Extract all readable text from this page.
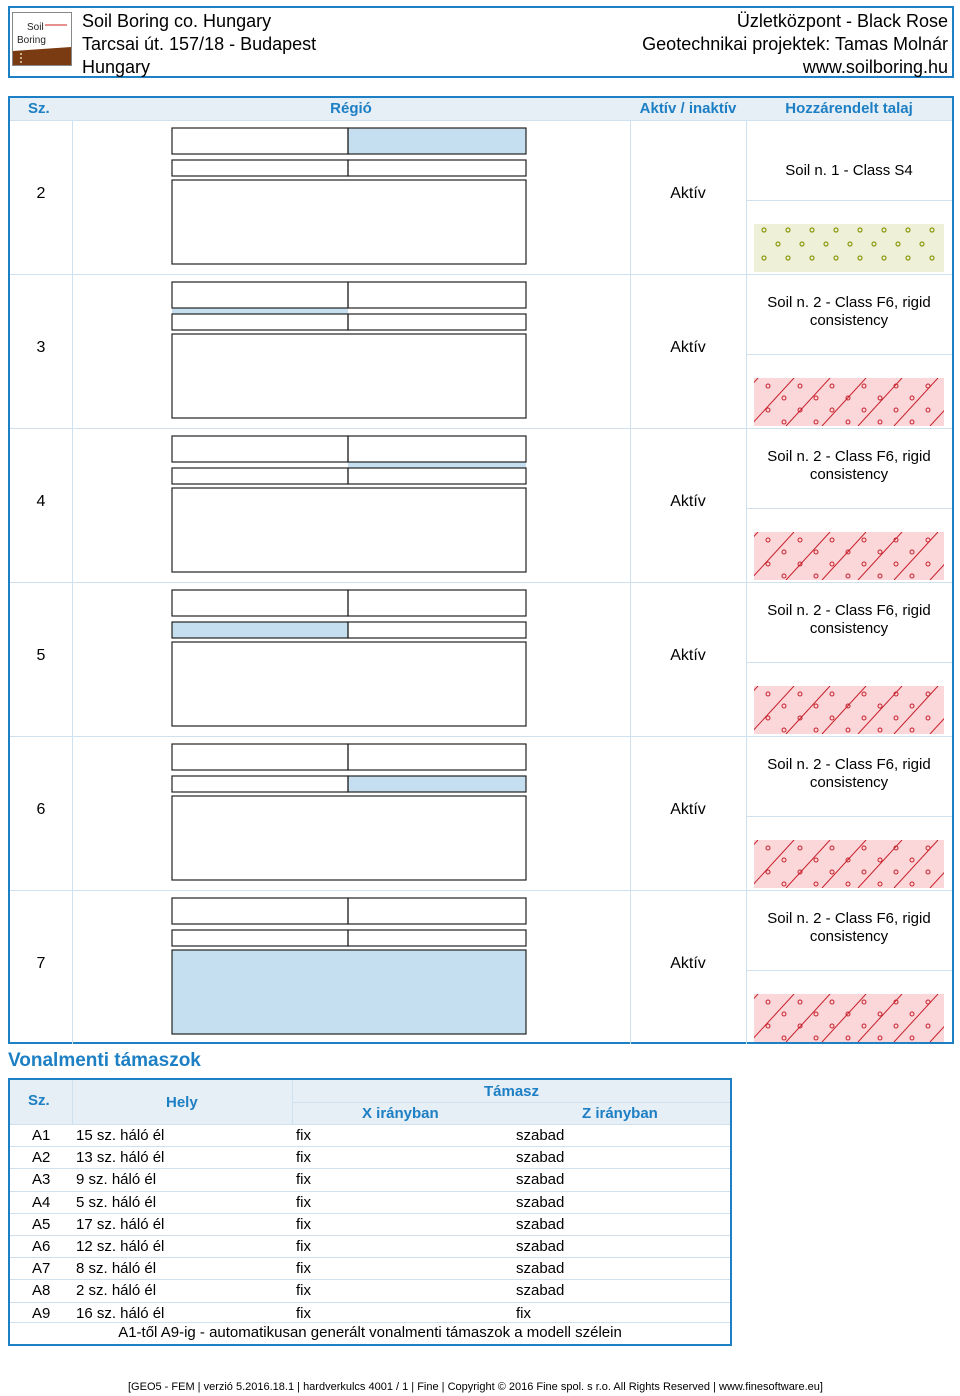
Soil
Boring
Soil Boring co. Hungary
Tarcsai út. 157/18 - Budapest
Hungary
Üzletközpont - Black Rose
Geotechnikai projektek: Tamas Molnár
www.soilboring.hu
Sz.	Régió	Aktív / inaktív	Hozzárendelt talaj
2	Aktív
Soil n. 1 - Class S4
3	Aktív
Soil n. 2 - Class F6, rigid
consistency
4	Aktív
Soil n. 2 - Class F6, rigid
consistency
5	Aktív
Soil n. 2 - Class F6, rigid
consistency
6	Aktív
Soil n. 2 - Class F6, rigid
consistency
7	Aktív
Soil n. 2 - Class F6, rigid
consistency
Vonalmenti támaszok
Sz.	Hely
Támasz
X irányban	Z irányban
A1 15 sz. háló él	fix	szabad
A2 13 sz. háló él	fix	szabad
A3 9 sz. háló él	fix	szabad
A4 5 sz. háló él	fix	szabad
A5 17 sz. háló él	fix	szabad
A6 12 sz. háló él	fix	szabad
A7 8 sz. háló él	fix	szabad
A8 2 sz. háló él	fix	szabad
A9 16 sz. háló él	fix	fix
A1-től A9-ig - automatikusan generált vonalmenti támaszok a modell szélein
[GEO5 - FEM | verzió 5.2016.18.1 | hardverkulcs 4001 / 1 | Fine | Copyright © 2016 Fine spol. s r.o. All Rights Reserved | www.finesoftware.eu]
